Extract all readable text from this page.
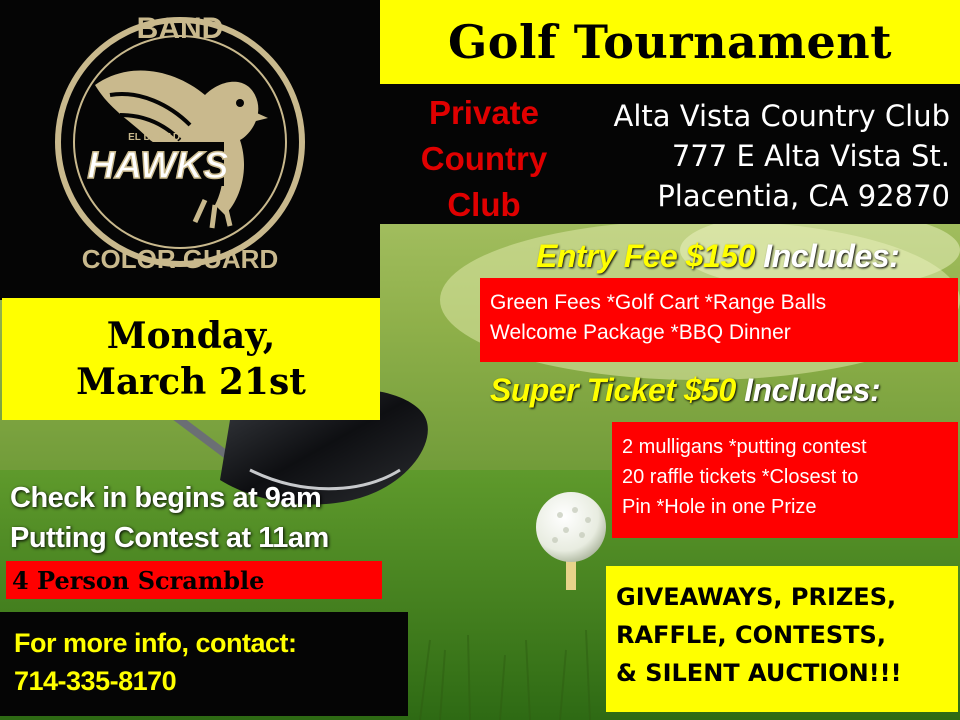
BAND
COLOR GUARD
EL DORADO
HAWKS
Golf Tournament
Private
Country
Club
Alta Vista Country Club
777 E Alta Vista St.
Placentia, CA 92870
Monday,
March 21st
Entry Fee $150 Includes:
Green Fees *Golf Cart *Range Balls
Welcome Package *BBQ Dinner
Super Ticket $50 Includes:
2 mulligans *putting contest
20 raffle tickets *Closest to
Pin *Hole in one Prize
Check in begins at 9am
Putting Contest at 11am
4 Person Scramble
For more info, contact:
714-335-8170
GIVEAWAYS, PRIZES,
RAFFLE, CONTESTS,
& SILENT AUCTION!!!
